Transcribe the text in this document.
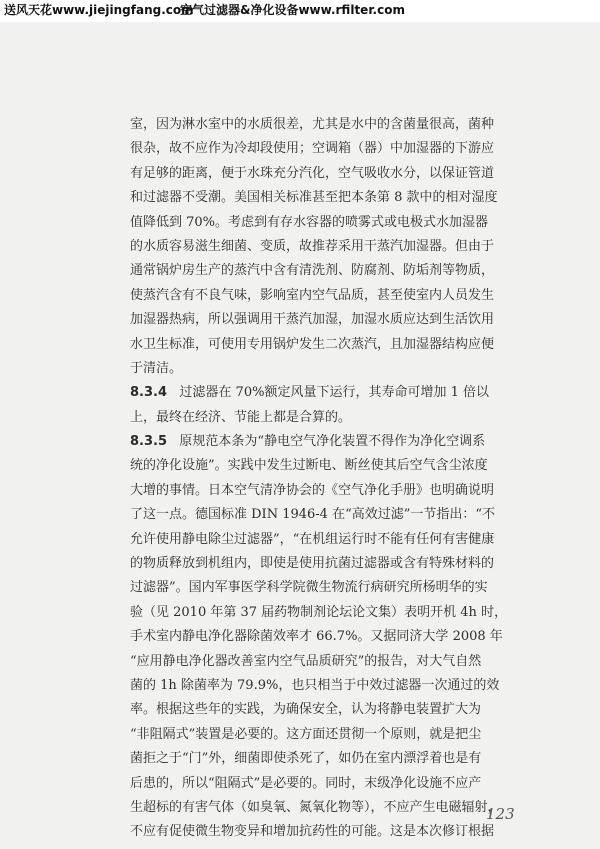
送风天花www.jiejingfang.com
空气过滤器&净化设备www.rfilter.com
室，因为淋水室中的水质很差，尤其是水中的含菌量很高，菌种
很杂，故不应作为冷却段使用；空调箱（器）中加湿器的下游应
有足够的距离，便于水珠充分汽化，空气吸收水分，以保证管道
和过滤器不受潮。美国相关标准甚至把本条第 8 款中的相对湿度
值降低到 70%。考虑到有存水容器的喷雾式或电极式水加湿器
的水质容易滋生细菌、变质，故推荐采用干蒸汽加湿器。但由于
通常锅炉房生产的蒸汽中含有清洗剂、防腐剂、防垢剂等物质，
使蒸汽含有不良气味，影响室内空气品质，甚至使室内人员发生
加湿器热病，所以强调用干蒸汽加湿，加湿水质应达到生活饮用
水卫生标准，可使用专用锅炉发生二次蒸汽，且加湿器结构应便
于清洁。
8.3.4 过滤器在 70%额定风量下运行，其寿命可增加 1 倍以
上，最终在经济、节能上都是合算的。
8.3.5 原规范本条为“静电空气净化装置不得作为净化空调系
统的净化设施”。实践中发生过断电、断丝使其后空气含尘浓度
大增的事情。日本空气清净协会的《空气净化手册》也明确说明
了这一点。德国标准 DIN 1946-4 在“高效过滤”一节指出：“不
允许使用静电除尘过滤器”，“在机组运行时不能有任何有害健康
的物质释放到机组内，即使是使用抗菌过滤器或含有特殊材料的
过滤器”。国内军事医学科学院微生物流行病研究所杨明华的实
验（见 2010 年第 37 届药物制剂论坛论文集）表明开机 4h 时，
手术室内静电净化器除菌效率才 66.7%。又据同济大学 2008 年
“应用静电净化器改善室内空气品质研究”的报告，对大气自然
菌的 1h 除菌率为 79.9%，也只相当于中效过滤器一次通过的效
率。根据这些年的实践，为确保安全，认为将静电装置扩大为
“非阻隔式”装置是必要的。这方面还贯彻一个原则，就是把尘
菌拒之于“门”外，细菌即使杀死了，如仍在室内漂浮着也是有
后患的，所以“阻隔式”是必要的。同时，末级净化设施不应产
生超标的有害气体（如臭氧、氮氧化物等），不应产生电磁辐射，
不应有促使微生物变异和增加抗药性的可能。这是本次修订根据
123
